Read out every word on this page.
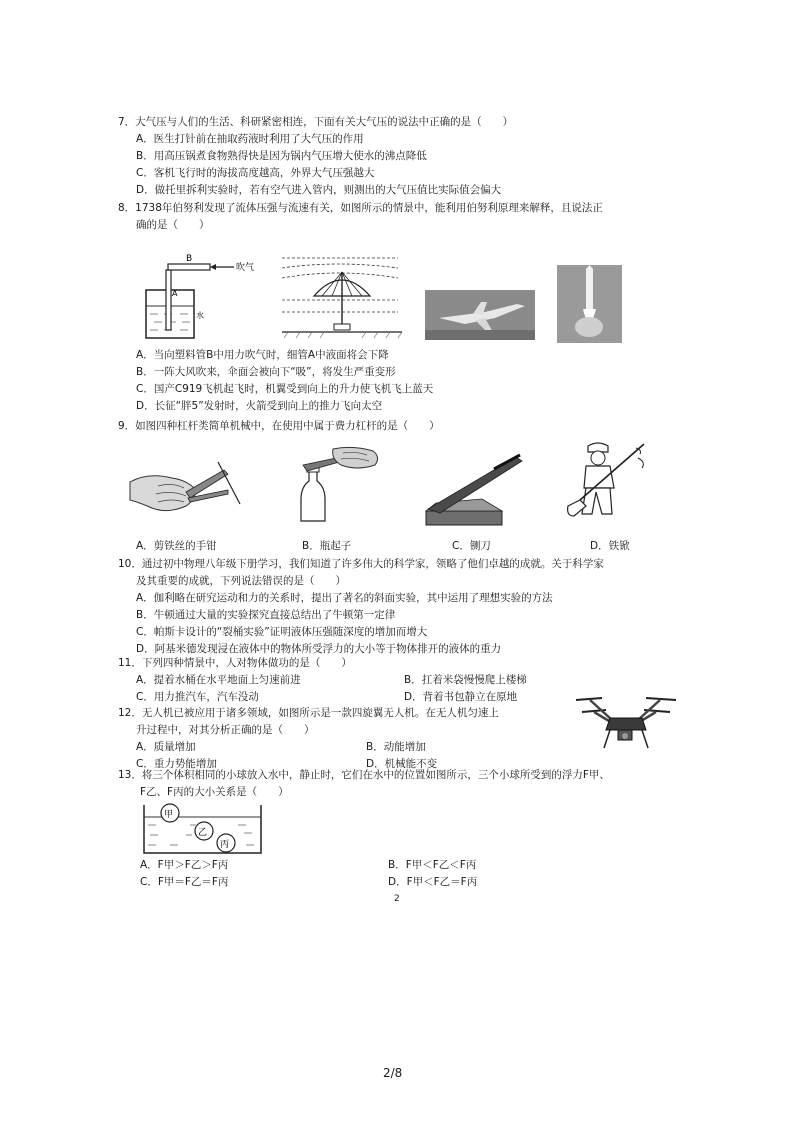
7．大气压与人们的生活、科研紧密相连，下面有关大气压的说法中正确的是（　　）

A．医生打针前在抽取药液时利用了大气压的作用
B．用高压锅煮食物熟得快是因为锅内气压增大使水的沸点降低
C．客机飞行时的海拔高度越高，外界大气压强越大
D．做托里拆利实验时，若有空气进入管内，则测出的大气压值比实际值会偏大

8．1738年伯努利发现了流体压强与流速有关，如图所示的情景中，能利用伯努利原理来解释，且说法正

确的是（　　）

B
吹气
A
水
A．当向塑料管B中用力吹气时，细管A中液面将会下降
B．一阵大风吹来，伞面会被向下“吸”，将发生严重变形
C．国产C919飞机起飞时，机翼受到向上的升力使飞机飞上蓝天
D．长征“胖5”发射时，火箭受到向上的推力飞向太空

9．如图四种杠杆类简单机械中，在使用中属于费力杠杆的是（　　）

A．剪铁丝的手钳	B．瓶起子	C．铡刀	D．铁锨

10．通过初中物理八年级下册学习，我们知道了许多伟大的科学家，领略了他们卓越的成就。关于科学家

及其重要的成就，下列说法错误的是（　　）

A．伽利略在研究运动和力的关系时，提出了著名的斜面实验，其中运用了理想实验的方法
B．牛顿通过大量的实验探究直接总结出了牛顿第一定律
C．帕斯卡设计的“裂桶实验”证明液体压强随深度的增加而增大
D．阿基米德发现浸在液体中的物体所受浮力的大小等于物体排开的液体的重力

11．下列四种情景中，人对物体做功的是（　　）

A．提着水桶在水平地面上匀速前进	B．扛着米袋慢慢爬上楼梯
C．用力推汽车，汽车没动	D．背着书包静立在原地

12．无人机已被应用于诸多领域，如图所示是一款四旋翼无人机。在无人机匀速上

升过程中，对其分析正确的是（　　）

A．质量增加	B．动能增加
C．重力势能增加	D．机械能不变

13．将三个体积相同的小球放入水中，静止时，它们在水中的位置如图所示，三个小球所受到的浮力F甲、

F乙、F丙的大小关系是（　　）

甲
乙
丙
A．F甲＞F乙＞F丙	B．F甲＜F乙＜F丙
C．F甲＝F乙＝F丙	D．F甲＜F乙＝F丙
2
2/8
